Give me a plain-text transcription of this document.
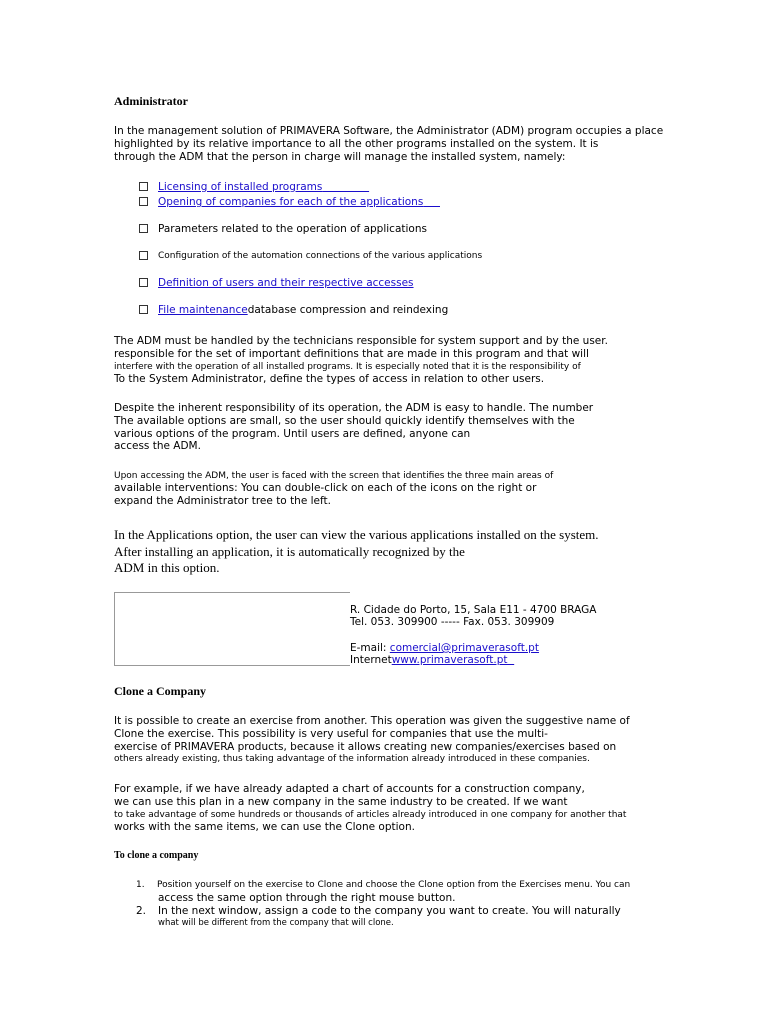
Administrator
In the management solution of PRIMAVERA Software, the Administrator (ADM) program occupies a place
highlighted by its relative importance to all the other programs installed on the system. It is
through the ADM that the person in charge will manage the installed system, namely:
Licensing of installed programs
Opening of companies for each of the applications
Parameters related to the operation of applications
Configuration of the automation connections of the various applications
Definition of users and their respective accesses
File maintenancedatabase compression and reindexing
The ADM must be handled by the technicians responsible for system support and by the user.
responsible for the set of important definitions that are made in this program and that will
interfere with the operation of all installed programs. It is especially noted that it is the responsibility of
To the System Administrator, define the types of access in relation to other users.
Despite the inherent responsibility of its operation, the ADM is easy to handle. The number
The available options are small, so the user should quickly identify themselves with the
various options of the program. Until users are defined, anyone can
access the ADM.
Upon accessing the ADM, the user is faced with the screen that identifies the three main areas of
available interventions: You can double-click on each of the icons on the right or
expand the Administrator tree to the left.
In the Applications option, the user can view the various applications installed on the system.
After installing an application, it is automatically recognized by the
ADM in this option.
R. Cidade do Porto, 15, Sala E11 - 4700 BRAGA
Tel. 053. 309900 ----- Fax. 053. 309909
E-mail: comercial@primaverasoft.pt
Internetwww.primaverasoft.pt
Clone a Company
It is possible to create an exercise from another. This operation was given the suggestive name of
Clone the exercise. This possibility is very useful for companies that use the multi-
exercise of PRIMAVERA products, because it allows creating new companies/exercises based on
others already existing, thus taking advantage of the information already introduced in these companies.
For example, if we have already adapted a chart of accounts for a construction company,
we can use this plan in a new company in the same industry to be created. If we want
to take advantage of some hundreds or thousands of articles already introduced in one company for another that
works with the same items, we can use the Clone option.
To clone a company
1. Position yourself on the exercise to Clone and choose the Clone option from the Exercises menu. You can
access the same option through the right mouse button.
2. In the next window, assign a code to the company you want to create. You will naturally
what will be different from the company that will clone.
